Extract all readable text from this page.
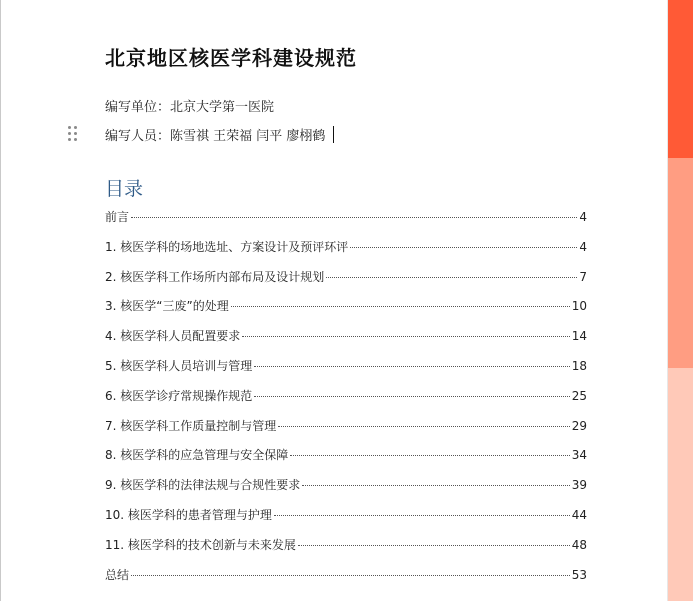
北京地区核医学科建设规范
编写单位：北京大学第一医院
编写人员：陈雪祺 王荣福 闫平 廖栩鹤
目录
前言	4
1. 核医学科的场地选址、方案设计及预评环评	4
2. 核医学科工作场所内部布局及设计规划	7
3. 核医学“三废”的处理	10
4. 核医学科人员配置要求	14
5. 核医学科人员培训与管理	18
6. 核医学诊疗常规操作规范	25
7. 核医学科工作质量控制与管理	29
8. 核医学科的应急管理与安全保障	34
9. 核医学科的法律法规与合规性要求	39
10. 核医学科的患者管理与护理	44
11. 核医学科的技术创新与未来发展	48
总结	53
